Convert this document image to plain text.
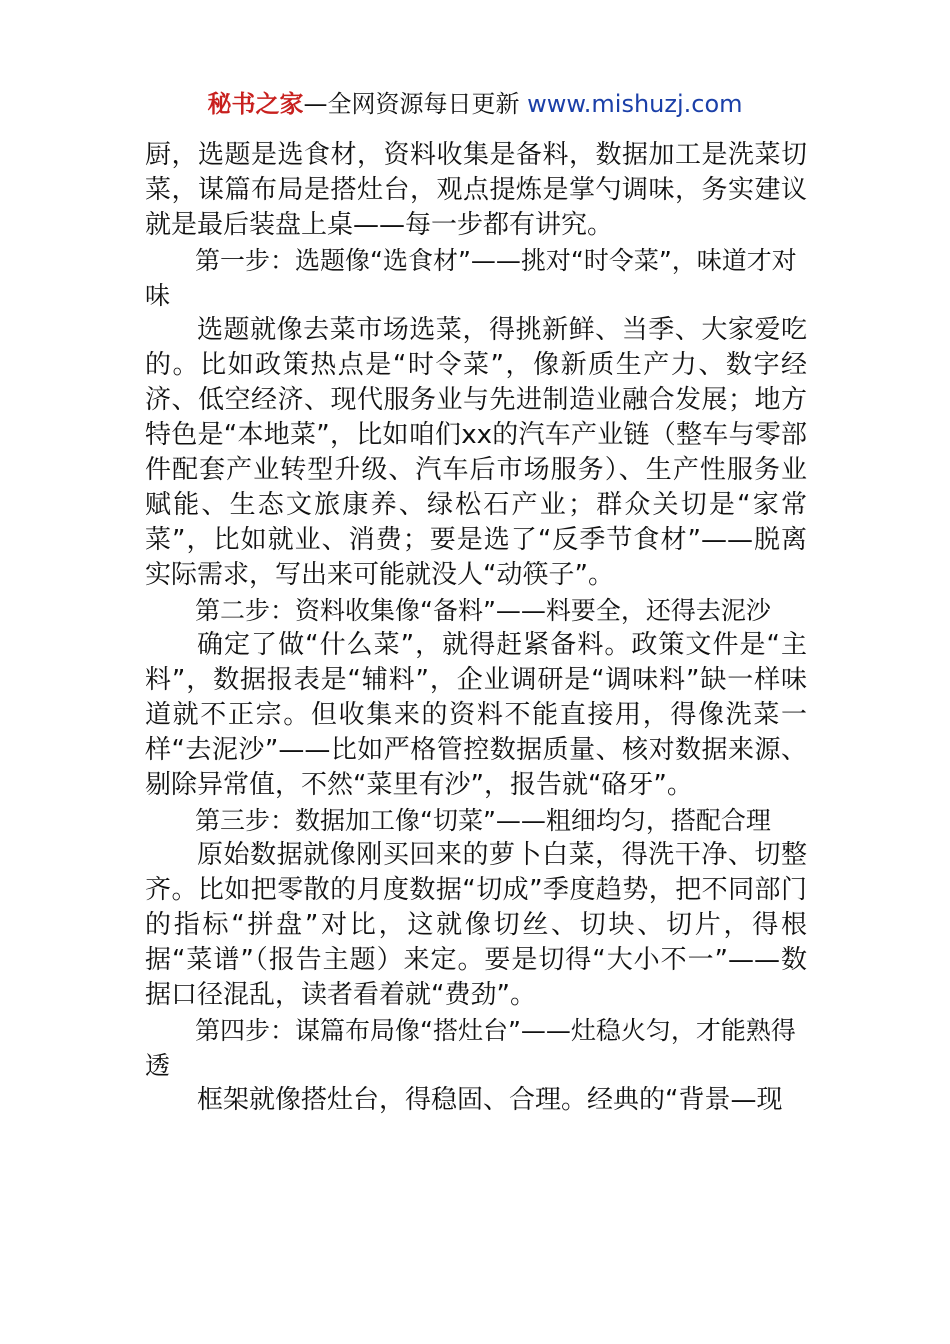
秘书之家—全网资源每日更新 www.mishuzj.com

厨，选题是选食材，资料收集是备料，数据加工是洗菜切菜，谋篇布局是搭灶台，观点提炼是掌勺调味，务实建议就是最后装盘上桌——每一步都有讲究。

第一步：选题像“选食材”——挑对“时令菜”，味道才对味

选题就像去菜市场选菜，得挑新鲜、当季、大家爱吃的。比如政策热点是“时令菜”，像新质生产力、数字经济、低空经济、现代服务业与先进制造业融合发展；地方特色是“本地菜”，比如咱们xx的汽车产业链（整车与零部件配套产业转型升级、汽车后市场服务）、生产性服务业赋能、生态文旅康养、绿松石产业；群众关切是“家常菜”，比如就业、消费；要是选了“反季节食材”——脱离实际需求，写出来可能就没人“动筷子”。

第二步：资料收集像“备料”——料要全，还得去泥沙

确定了做“什么菜”，就得赶紧备料。政策文件是“主料”，数据报表是“辅料”，企业调研是“调味料”缺一样味道就不正宗。但收集来的资料不能直接用，得像洗菜一样“去泥沙”——比如严格管控数据质量、核对数据来源、剔除异常值，不然“菜里有沙”，报告就“硌牙”。

第三步：数据加工像“切菜”——粗细均匀，搭配合理

原始数据就像刚买回来的萝卜白菜，得洗干净、切整齐。比如把零散的月度数据“切成”季度趋势，把不同部门的指标“拼盘”对比，这就像切丝、切块、切片，得根据“菜谱”（报告主题）来定。要是切得“大小不一”——数据口径混乱，读者看着就“费劲”。

第四步：谋篇布局像“搭灶台”——灶稳火匀，才能熟得透

框架就像搭灶台，得稳固、合理。经典的“背景—现
